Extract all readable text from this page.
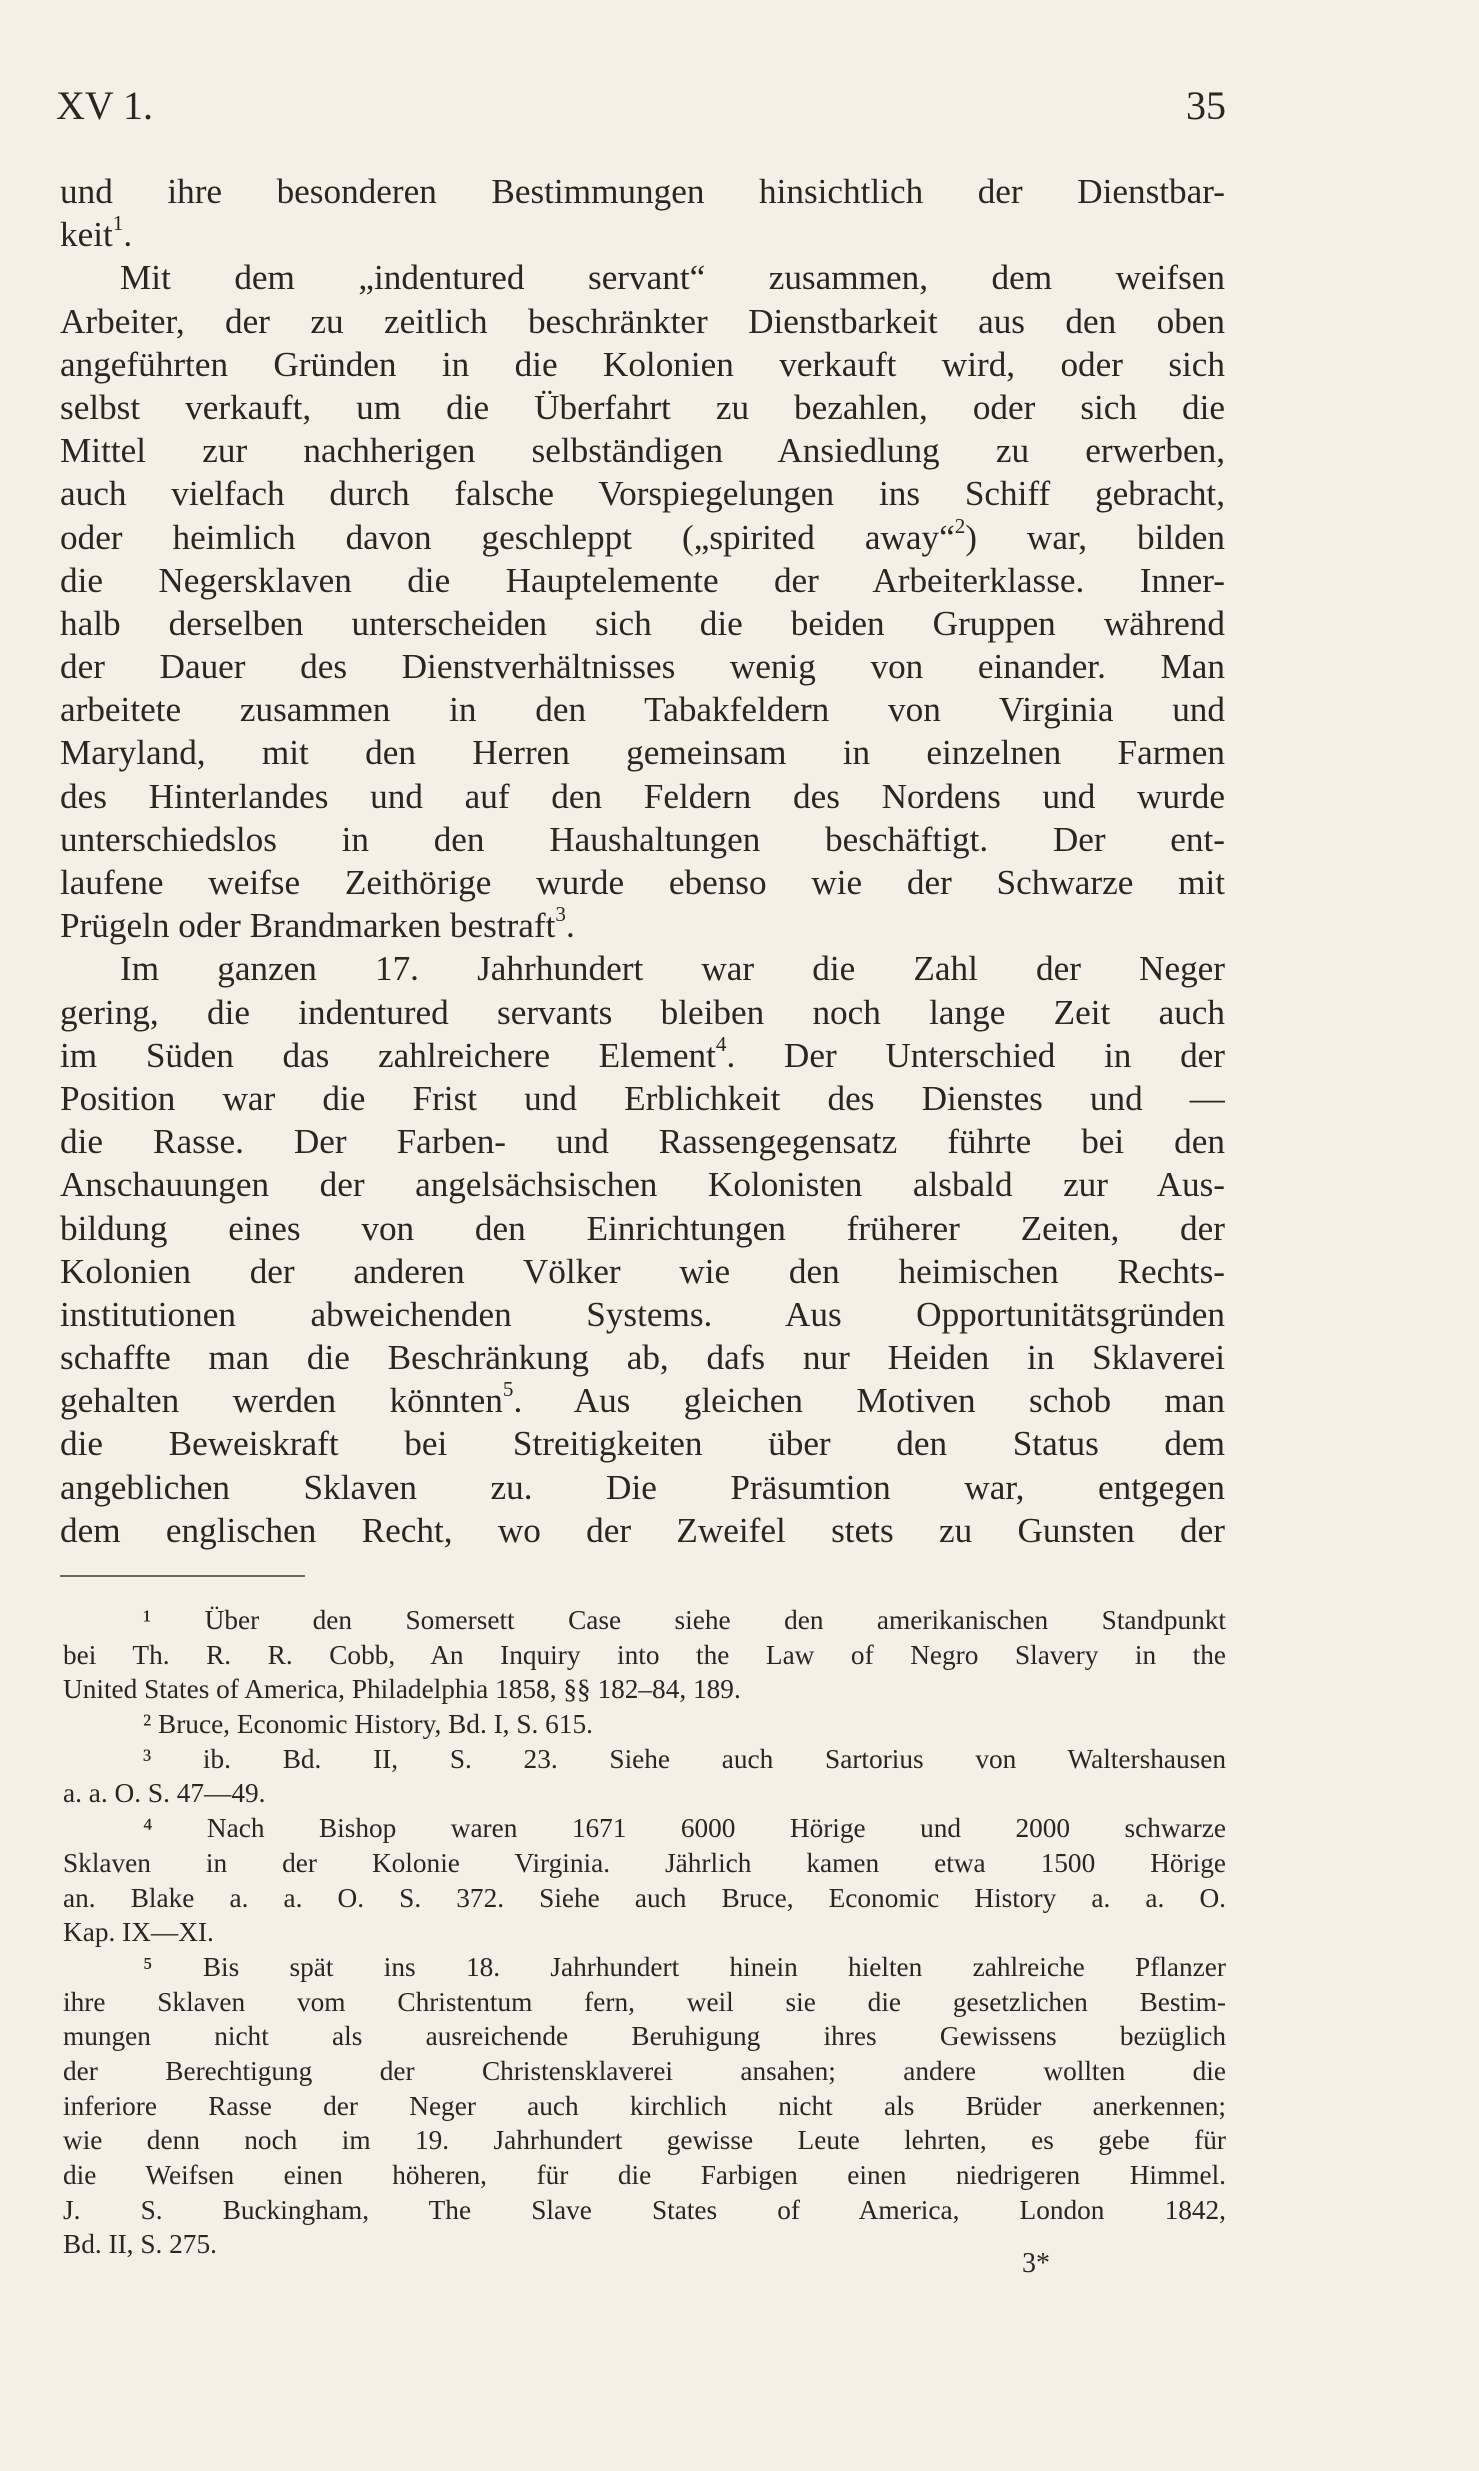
XV 1.	35
und ihre besonderen Bestimmungen hinsichtlich der Dienstbar-
keit$^1$.
Mit dem „indentured servant“ zusammen, dem weifsen
Arbeiter, der zu zeitlich beschränkter Dienstbarkeit aus den oben
angeführten Gründen in die Kolonien verkauft wird, oder sich
selbst verkauft, um die Überfahrt zu bezahlen, oder sich die
Mittel zur nachherigen selbständigen Ansiedlung zu erwerben,
auch vielfach durch falsche Vorspiegelungen ins Schiff gebracht,
oder heimlich davon geschleppt („spirited away“$^2$) war, bilden
die Negersklaven die Hauptelemente der Arbeiterklasse. Inner-
halb derselben unterscheiden sich die beiden Gruppen während
der Dauer des Dienstverhältnisses wenig von einander. Man
arbeitete zusammen in den Tabakfeldern von Virginia und
Maryland, mit den Herren gemeinsam in einzelnen Farmen
des Hinterlandes und auf den Feldern des Nordens und wurde
unterschiedslos in den Haushaltungen beschäftigt. Der ent-
laufene weifse Zeithörige wurde ebenso wie der Schwarze mit
Prügeln oder Brandmarken bestraft$^3$.
Im ganzen 17. Jahrhundert war die Zahl der Neger
gering, die indentured servants bleiben noch lange Zeit auch
im Süden das zahlreichere Element$^4$. Der Unterschied in der
Position war die Frist und Erblichkeit des Dienstes und —
die Rasse. Der Farben- und Rassengegensatz führte bei den
Anschauungen der angelsächsischen Kolonisten alsbald zur Aus-
bildung eines von den Einrichtungen früherer Zeiten, der
Kolonien der anderen Völker wie den heimischen Rechts-
institutionen abweichenden Systems. Aus Opportunitätsgründen
schaffte man die Beschränkung ab, dafs nur Heiden in Sklaverei
gehalten werden könnten$^5$. Aus gleichen Motiven schob man
die Beweiskraft bei Streitigkeiten über den Status dem
angeblichen Sklaven zu. Die Präsumtion war, entgegen
dem englischen Recht, wo der Zweifel stets zu Gunsten der
¹ Über den Somersett Case siehe den amerikanischen Standpunkt
bei Th. R. R. Cobb, An Inquiry into the Law of Negro Slavery in the
United States of America, Philadelphia 1858, §§ 182–84, 189.
² Bruce, Economic History, Bd. I, S. 615.
³ ib. Bd. II, S. 23. Siehe auch Sartorius von Waltershausen
a. a. O. S. 47—49.
⁴ Nach Bishop waren 1671 6000 Hörige und 2000 schwarze
Sklaven in der Kolonie Virginia. Jährlich kamen etwa 1500 Hörige
an. Blake a. a. O. S. 372. Siehe auch Bruce, Economic History a. a. O.
Kap. IX—XI.
⁵ Bis spät ins 18. Jahrhundert hinein hielten zahlreiche Pflanzer
ihre Sklaven vom Christentum fern, weil sie die gesetzlichen Bestim-
mungen nicht als ausreichende Beruhigung ihres Gewissens bezüglich
der Berechtigung der Christensklaverei ansahen; andere wollten die
inferiore Rasse der Neger auch kirchlich nicht als Brüder anerkennen;
wie denn noch im 19. Jahrhundert gewisse Leute lehrten, es gebe für
die Weifsen einen höheren, für die Farbigen einen niedrigeren Himmel.
J. S. Buckingham, The Slave States of America, London 1842,
Bd. II, S. 275.
3*
